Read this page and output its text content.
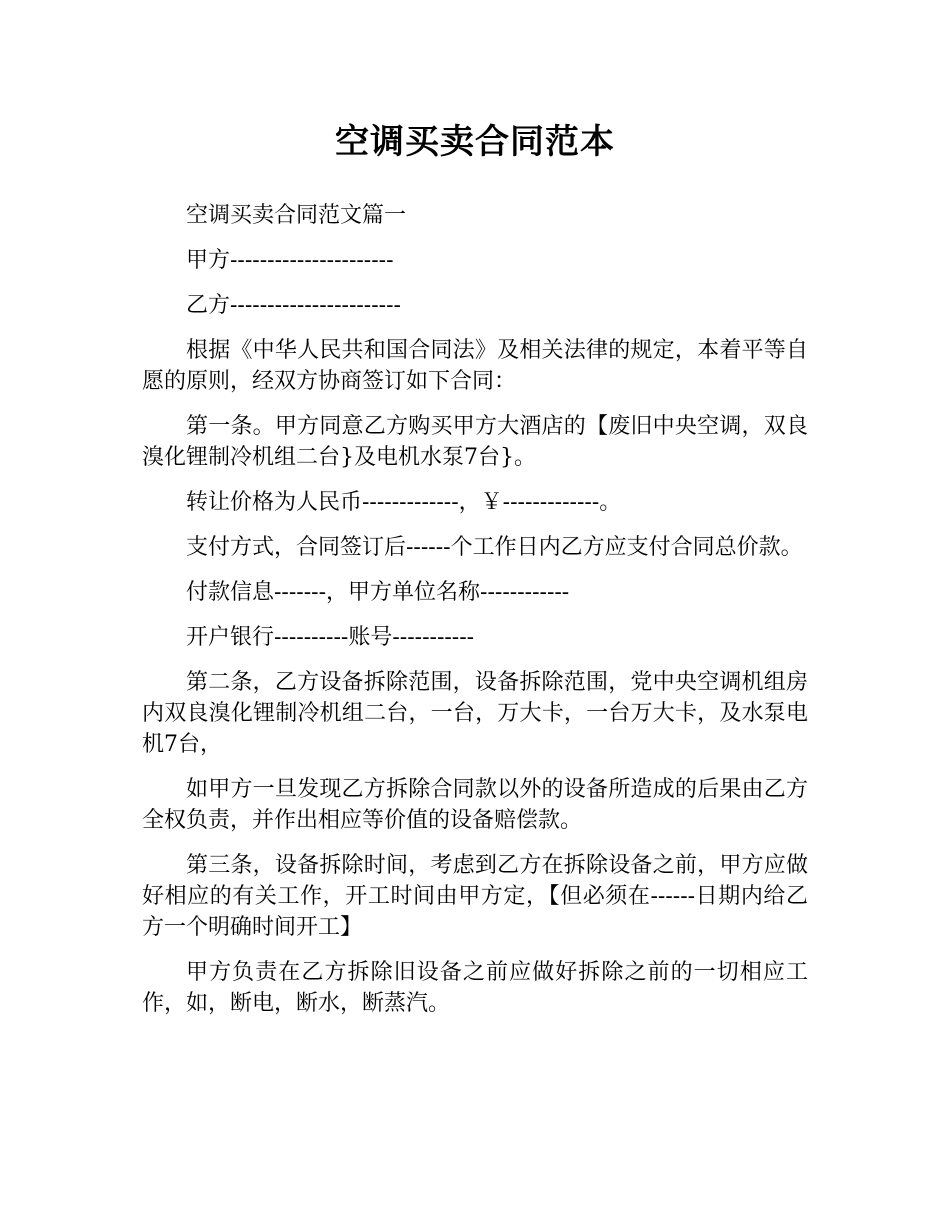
空调买卖合同范本

空调买卖合同范文篇一

甲方----------------------

乙方-----------------------

根据《中华人民共和国合同法》及相关法律的规定，本着平等自愿的原则，经双方协商签订如下合同：

第一条。甲方同意乙方购买甲方大酒店的【废旧中央空调，双良溴化锂制冷机组二台}及电机水泵7台}。

转让价格为人民币-------------，￥-------------。

支付方式，合同签订后------个工作日内乙方应支付合同总价款。

付款信息-------，甲方单位名称------------

开户银行----------账号-----------

第二条，乙方设备拆除范围，设备拆除范围，党中央空调机组房内双良溴化锂制冷机组二台，一台，万大卡，一台万大卡，及水泵电机7台，

如甲方一旦发现乙方拆除合同款以外的设备所造成的后果由乙方全权负责，并作出相应等价值的设备赔偿款。

第三条，设备拆除时间，考虑到乙方在拆除设备之前，甲方应做好相应的有关工作，开工时间由甲方定，【但必须在------日期内给乙方一个明确时间开工】

甲方负责在乙方拆除旧设备之前应做好拆除之前的一切相应工作，如，断电，断水，断蒸汽。
